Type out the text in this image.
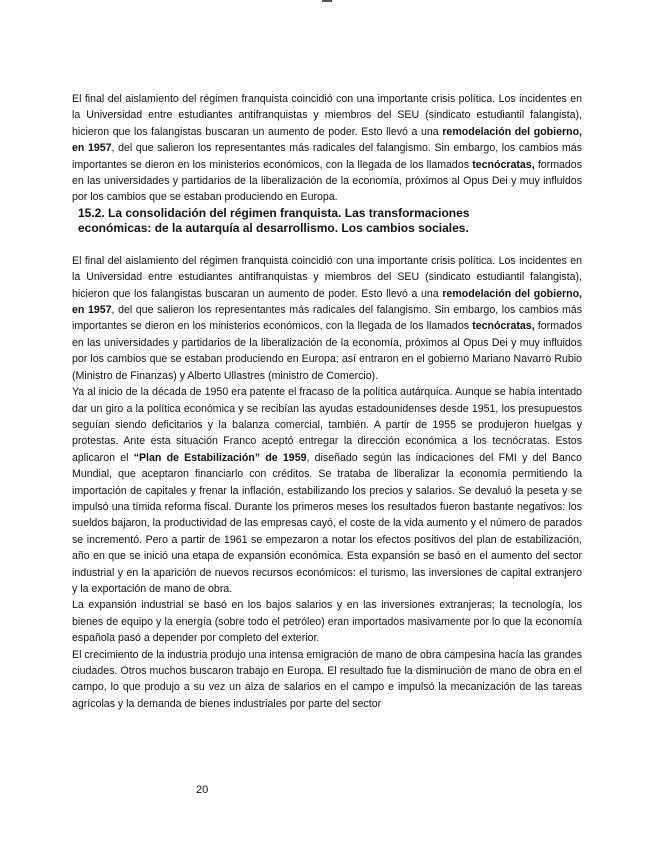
El final del aislamiento del régimen franquista coincidió con una importante crisis política. Los incidentes en la Universidad entre estudiantes antifranquistas y miembros del SEU (sindicato estudiantil falangista), hicieron que los falangistas buscaran un aumento de poder. Esto llevó a una remodelación del gobierno, en 1957, del que salieron los representantes más radicales del falangismo. Sin embargo, los cambios más importantes se dieron en los ministerios económicos, con la llegada de los llamados tecnócratas, formados en las universidades y partidarios de la liberalización de la economía, próximos al Opus Dei y muy influidos por los cambios que se estaban produciendo en Europa.

15.2. La consolidación del régimen franquista. Las transformaciones económicas: de la autarquía al desarrollismo. Los cambios sociales.

El final del aislamiento del régimen franquista coincidió con una importante crisis política. Los incidentes en la Universidad entre estudiantes antifranquistas y miembros del SEU (sindicato estudiantil falangista), hicieron que los falangistas buscaran un aumento de poder. Esto llevó a una remodelación del gobierno, en 1957, del que salieron los representantes más radicales del falangismo. Sin embargo, los cambios más importantes se dieron en los ministerios económicos, con la llegada de los llamados tecnócratas, formados en las universidades y partidarios de la liberalización de la economía, próximos al Opus Dei y muy influidos por los cambios que se estaban produciendo en Europa; así entraron en el gobierno Mariano Navarro Rubio (Ministro de Finanzas) y Alberto Ullastres (ministro de Comercio).

Ya al inicio de la década de 1950 era patente el fracaso de la política autárquica. Aunque se había intentado dar un giro a la política económica y se recibían las ayudas estadounidenses desde 1951, los presupuestos seguían siendo deficitarios y la balanza comercial, también. A partir de 1955 se produjeron huelgas y protestas. Ante esta situación Franco aceptó entregar la dirección económica a los tecnócratas. Estos aplicaron el “Plan de Estabilización” de 1959, diseñado según las indicaciones del FMI y del Banco Mundial, que aceptaron financiarlo con créditos. Se trataba de liberalizar la economía permitiendo la importación de capitales y frenar la inflación, estabilizando los precios y salarios. Se devaluó la peseta y se impulsó una tímida reforma fiscal. Durante los primeros meses los resultados fueron bastante negativos: los sueldos bajaron, la productividad de las empresas cayó, el coste de la vida aumento y el número de parados se incrementó. Pero a partir de 1961 se empezaron a notar los efectos positivos del plan de estabilización, año en que se inició una etapa de expansión económica. Esta expansión se basó en el aumento del sector industrial y en la aparición de nuevos recursos económicos: el turismo, las inversiones de capital extranjero y la exportación de mano de obra.

La expansión industrial se basó en los bajos salarios y en las inversiones extranjeras; la tecnología, los bienes de equipo y la energía (sobre todo el petróleo) eran importados masivamente por lo que la economía española pasó a depender por completo del exterior.

El crecimiento de la industria produjo una intensa emigración de mano de obra campesina hacía las grandes ciudades. Otros muchos buscaron trabajo en Europa. El resultado fue la disminución de mano de obra en el campo, lo que produjo a su vez un alza de salarios en el campo e impulsó la mecanización de las tareas agrícolas y la demanda de bienes industriales por parte del sector

20
